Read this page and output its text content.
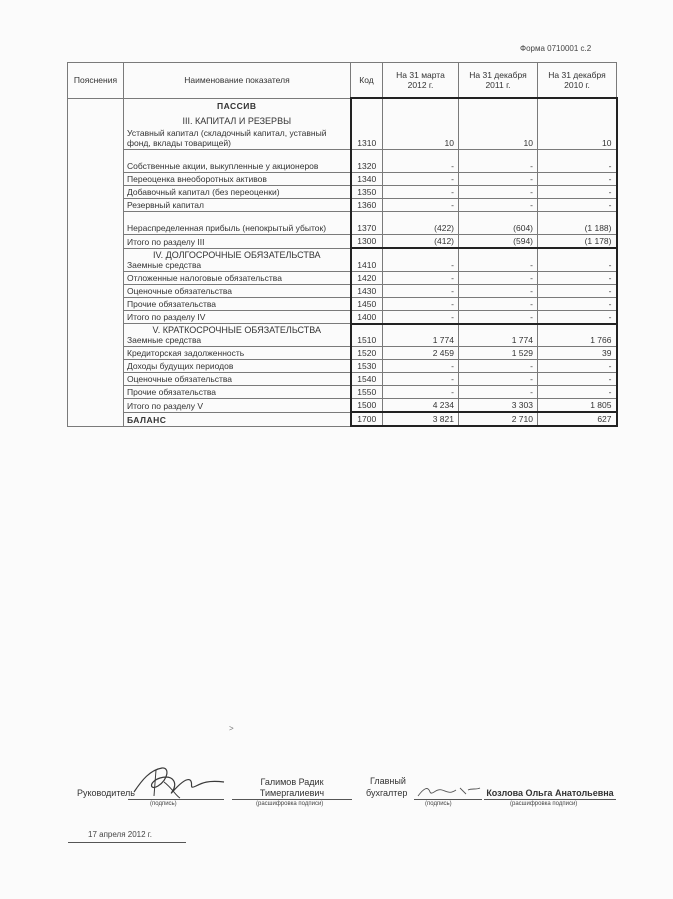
Форма 0710001 с.2
Пояснения	Наименование показателя	Код	На 31 марта 2012 г.	На 31 декабря 2011 г.	На 31 декабря 2010 г.

	ПАССИВ
III. КАПИТАЛ И РЕЗЕРВЫ
Уставный капитал (складочный капитал, уставный фонд, вклады товарищей)	1310	10	10	10
	Собственные акции, выкупленные у акционеров	1320	-	-	-
	Переоценка внеоборотных активов	1340	-	-	-
	Добавочный капитал (без переоценки)	1350	-	-	-
	Резервный капитал	1360	-	-	-
	Нераспределенная прибыль (непокрытый убыток)	1370	(422)	(604)	(1 188)
	Итого по разделу III	1300	(412)	(594)	(1 178)

	IV. ДОЛГОСРОЧНЫЕ ОБЯЗАТЕЛЬСТВА
Заемные средства	1410	-	-	-
	Отложенные налоговые обязательства	1420	-	-	-
	Оценочные обязательства	1430	-	-	-
	Прочие обязательства	1450	-	-	-
	Итого по разделу IV	1400	-	-	-

	V. КРАТКОСРОЧНЫЕ ОБЯЗАТЕЛЬСТВА
Заемные средства	1510	1 774	1 774	1 766
	Кредиторская задолженность	1520	2 459	1 529	39
	Доходы будущих периодов	1530	-	-	-
	Оценочные обязательства	1540	-	-	-
	Прочие обязательства	1550	-	-	-
	Итого по разделу V	1500	4 234	3 303	1 805
	БАЛАНС	1700	3 821	2 710	627
>
Руководитель
(подпись)
Галимов Радик
Тимергалиевич
(расшифровка подписи)
Главный
бухгалтер
(подпись)
Козлова Ольга Анатольевна
(расшифровка подписи)
17 апреля 2012 г.
